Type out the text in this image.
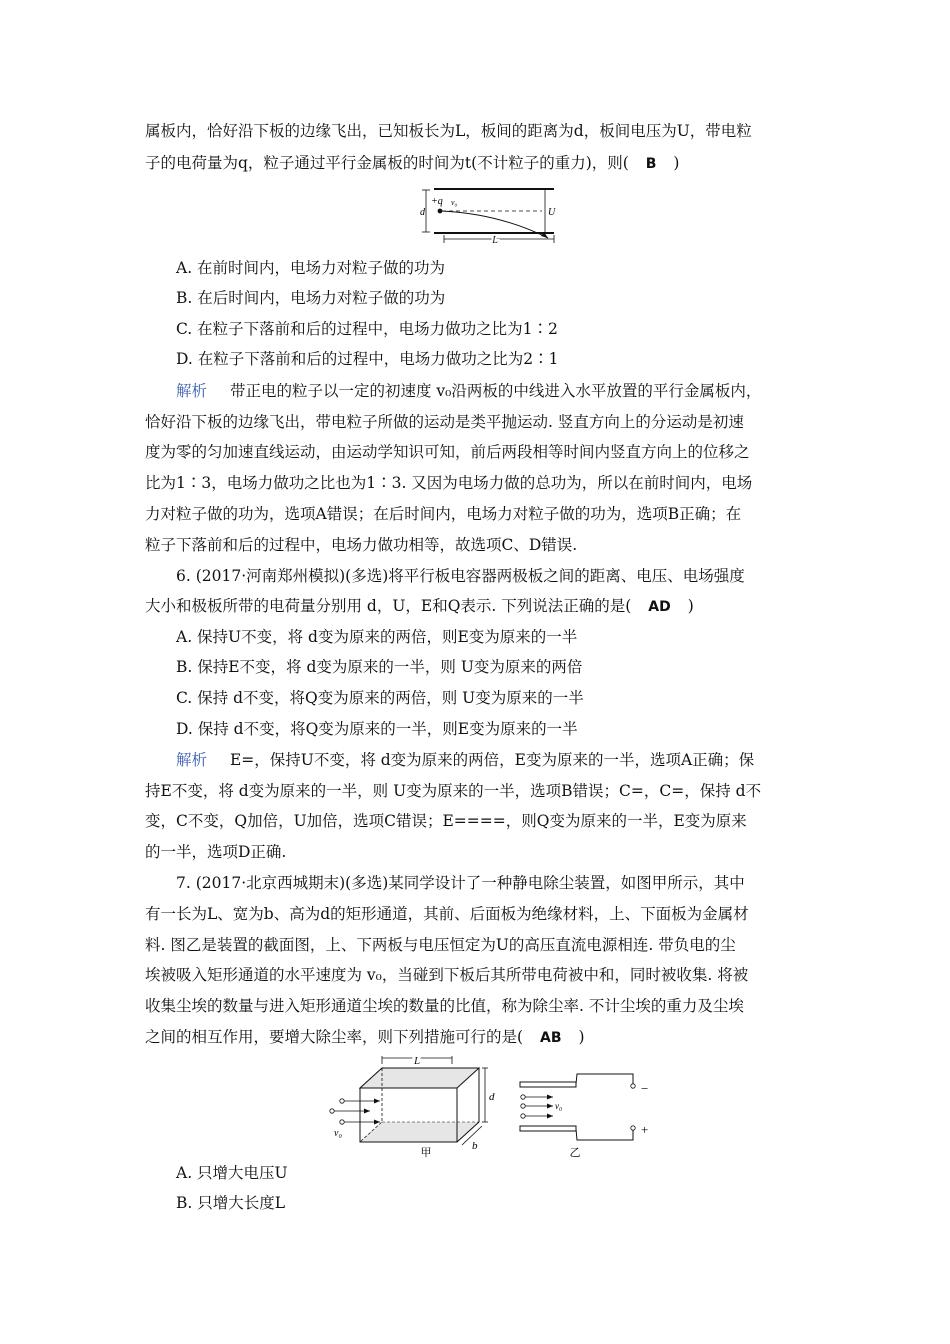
属板内，恰好沿下板的边缘飞出，已知板长为L，板间的距离为d，板间电压为U，带电粒
子的电荷量为q，粒子通过平行金属板的时间为t(不计粒子的重力)，则( B )
+q v₀
d	U
L
A. 在前时间内，电场力对粒子做的功为
B. 在后时间内，电场力对粒子做的功为
C. 在粒子下落前和后的过程中，电场力做功之比为1∶2
D. 在粒子下落前和后的过程中，电场力做功之比为2∶1
解析 带正电的粒子以一定的初速度 v₀沿两板的中线进入水平放置的平行金属板内，
恰好沿下板的边缘飞出，带电粒子所做的运动是类平抛运动. 竖直方向上的分运动是初速
度为零的匀加速直线运动，由运动学知识可知，前后两段相等时间内竖直方向上的位移之
比为1∶3，电场力做功之比也为1∶3. 又因为电场力做的总功为，所以在前时间内，电场
力对粒子做的功为，选项A错误；在后时间内，电场力对粒子做的功为，选项B正确；在
粒子下落前和后的过程中，电场力做功相等，故选项C、D错误.
6. (2017·河南郑州模拟)(多选)将平行板电容器两极板之间的距离、电压、电场强度
大小和极板所带的电荷量分别用 d，U，E和Q表示. 下列说法正确的是( AD )
A. 保持U不变，将 d变为原来的两倍，则E变为原来的一半
B. 保持E不变，将 d变为原来的一半，则 U变为原来的两倍
C. 保持 d不变，将Q变为原来的两倍，则 U变为原来的一半
D. 保持 d不变，将Q变为原来的一半，则E变为原来的一半
解析 E=，保持U不变，将 d变为原来的两倍，E变为原来的一半，选项A正确；保
持E不变，将 d变为原来的一半，则 U变为原来的一半，选项B错误；C=，C=，保持 d不
变，C不变，Q加倍，U加倍，选项C错误；E====，则Q变为原来的一半，E变为原来
的一半，选项D正确.
7. (2017·北京西城期末)(多选)某同学设计了一种静电除尘装置，如图甲所示，其中
有一长为L、宽为b、高为d的矩形通道，其前、后面板为绝缘材料，上、下面板为金属材
料. 图乙是装置的截面图，上、下两板与电压恒定为U的高压直流电源相连. 带负电的尘
埃被吸入矩形通道的水平速度为 v₀，当碰到下板后其所带电荷被中和，同时被收集. 将被
收集尘埃的数量与进入矩形通道尘埃的数量的比值，称为除尘率. 不计尘埃的重力及尘埃
之间的相互作用，要增大除尘率，则下列措施可行的是( AB )
L
d
b
v₀
甲
−
+
v₀
乙
A. 只增大电压U
B. 只增大长度L
